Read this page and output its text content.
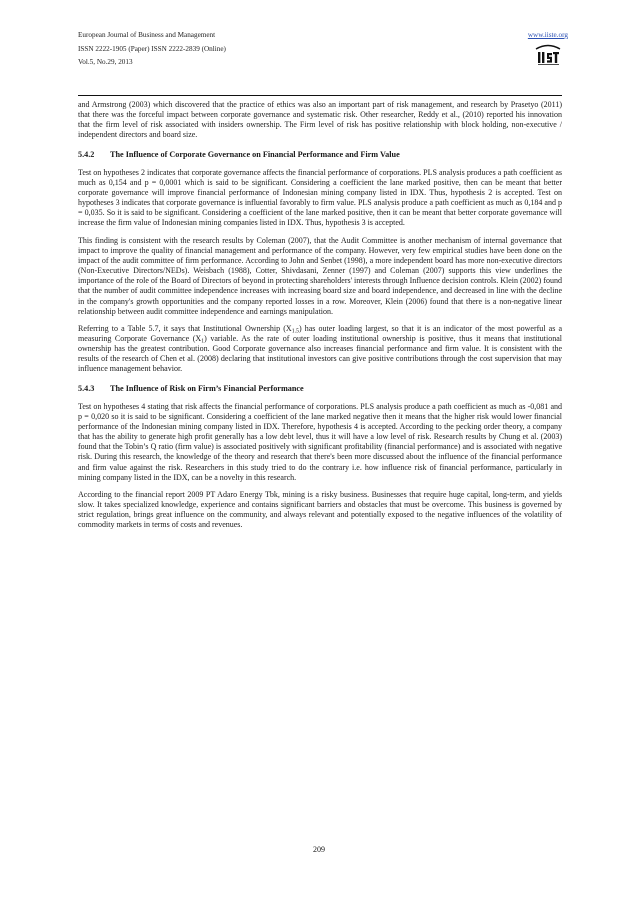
European Journal of Business and Management
ISSN 2222-1905 (Paper) ISSN 2222-2839 (Online)
Vol.5, No.29, 2013
www.iiste.org

and Armstrong (2003) which discovered that the practice of ethics was also an important part of risk management, and research by Prasetyo (2011) that there was the forceful impact between corporate governance and systematic risk. Other researcher, Reddy et al., (2010) reported his innovation that the firm level of risk associated with insiders ownership. The Firm level of risk has positive relationship with block holding, non-executive / independent directors and board size.

5.4.2 The Influence of Corporate Governance on Financial Performance and Firm Value

Test on hypotheses 2 indicates that corporate governance affects the financial performance of corporations. PLS analysis produces a path coefficient as much as 0,154 and p = 0,0001 which is said to be significant. Considering a coefficient the lane marked positive, then can be meant that better corporate governance will improve financial performance of Indonesian mining company listed in IDX. Thus, hypothesis 2 is accepted. Test on hypotheses 3 indicates that corporate governance is influential favorably to firm value. PLS analysis produce a path coefficient as much as 0,184 and p = 0,035. So it is said to be significant. Considering a coefficient of the lane marked positive, then it can be meant that better corporate governance will increase the firm value of Indonesian mining companies listed in IDX. Thus, hypothesis 3 is accepted.

This finding is consistent with the research results by Coleman (2007), that the Audit Committee is another mechanism of internal governance that impact to improve the quality of financial management and performance of the company. However, very few empirical studies have been done on the impact of the audit committee of firm performance. According to John and Senbet (1998), a more independent board has more non-executive directors (Non-Executive Directors/NEDs). Weisbach (1988), Cotter, Shivdasani, Zenner (1997) and Coleman (2007) supports this view underlines the importance of the role of the Board of Directors of beyond in protecting shareholders' interests through Influence decision controls. Klein (2002) found that the number of audit committee independence increases with increasing board size and board independence, and decreased in line with the decline in the company's growth opportunities and the company reported losses in a row. Moreover, Klein (2006) found that there is a non-negative linear relationship between audit committee independence and earnings manipulation.

Referring to a Table 5.7, it says that Institutional Ownership $(X_{1.5})$ has outer loading largest, so that it is an indicator of the most powerful as a measuring Corporate Governance $(X_1)$ variable. As the rate of outer loading institutional ownership is positive, thus it means that institutional ownership has the greatest contribution. Good Corporate governance also increases financial performance and firm value. It is consistent with the results of the research of Chen et al. (2008) declaring that institutional investors can give positive contributions through the cost supervision that may influence management behavior.

5.4.3 The Influence of Risk on Firm’s Financial Performance

Test on hypotheses 4 stating that risk affects the financial performance of corporations. PLS analysis produce a path coefficient as much as -0,081 and p = 0,020 so it is said to be significant. Considering a coefficient of the lane marked negative then it means that the higher risk would lower financial performance of the Indonesian mining company listed in IDX. Therefore, hypothesis 4 is accepted. According to the pecking order theory, a company that has the ability to generate high profit generally has a low debt level, thus it will have a low level of risk. Research results by Chung et al. (2003) found that the Tobin’s Q ratio (firm value) is associated positively with significant profitability (financial performance) and is associated with negative risk. During this research, the knowledge of the theory and research that there's been more discussed about the influence of the financial performance and firm value against the risk. Researchers in this study tried to do the contrary i.e. how influence risk of financial performance, particularly in mining company listed in the IDX, can be a novelty in this research.

According to the financial report 2009 PT Adaro Energy Tbk, mining is a risky business. Businesses that require huge capital, long-term, and yields slow. It takes specialized knowledge, experience and contains significant barriers and obstacles that must be overcome. This business is governed by strict regulation, brings great influence on the community, and always relevant and potentially exposed to the negative influences of the volatility of commodity markets in terms of costs and revenues.

209
